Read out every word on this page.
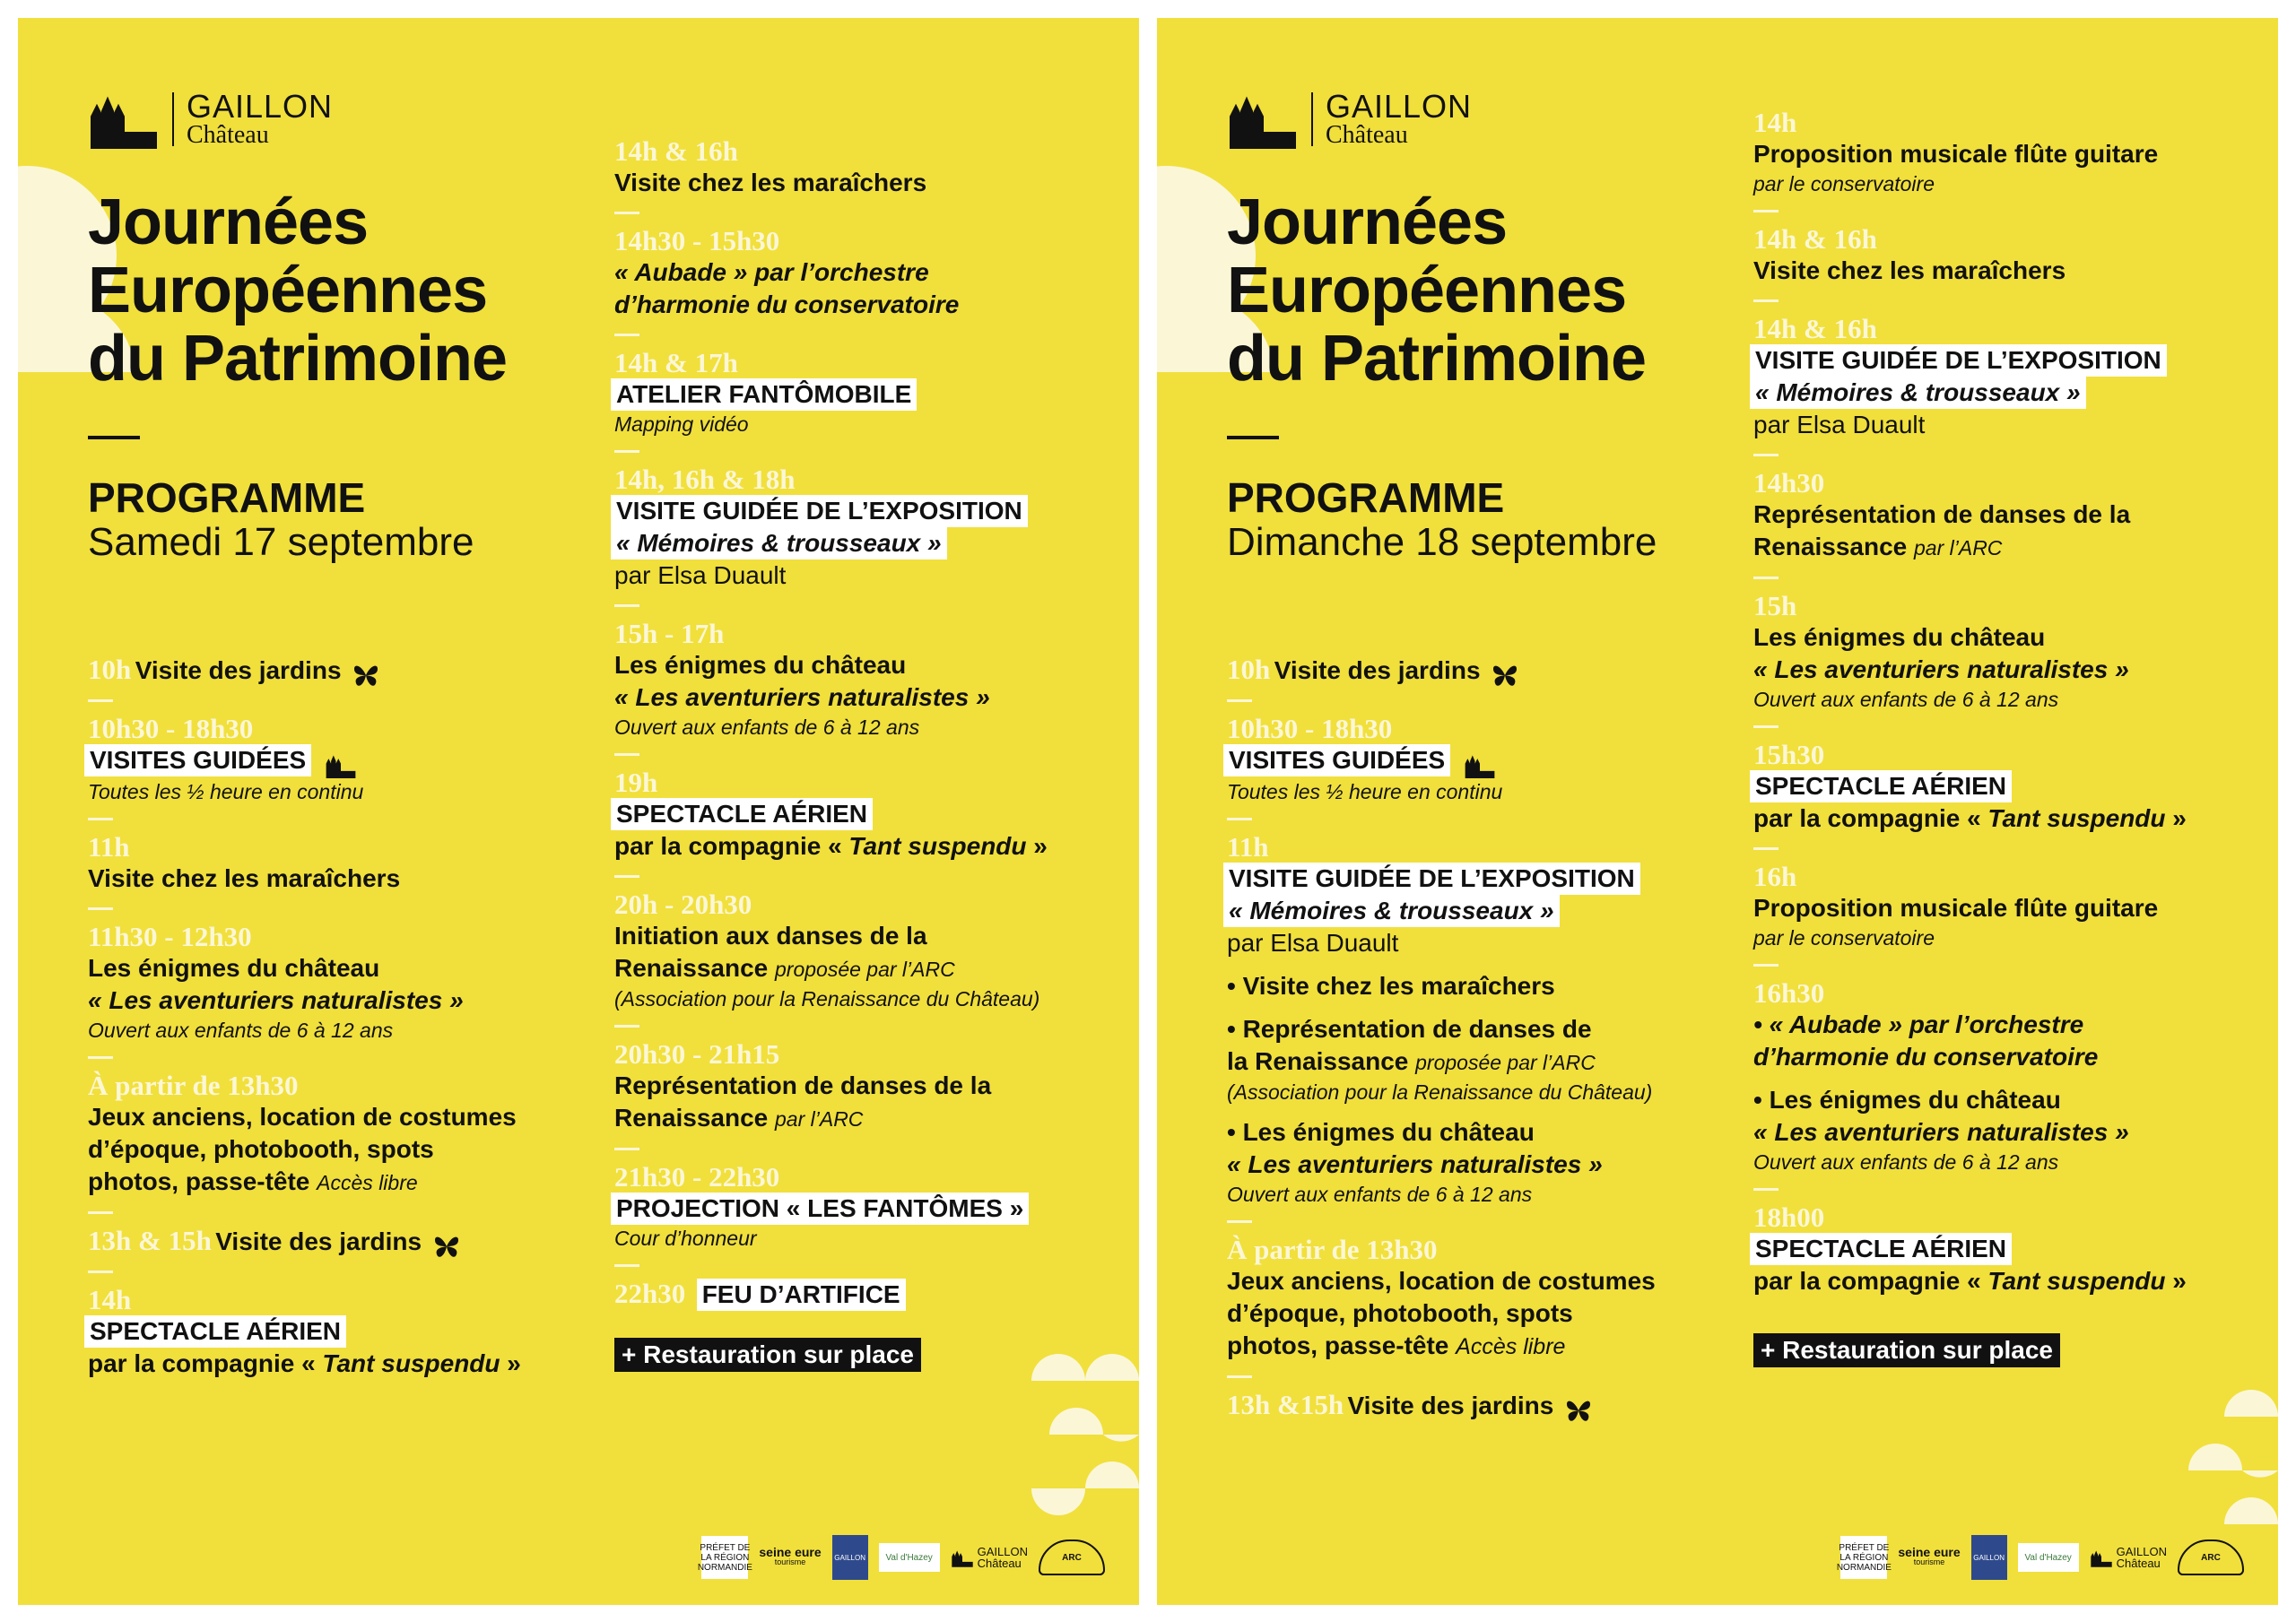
GAILLON
Château
Journées
Européennes
du Patrimoine
PROGRAMME
Samedi 17 septembre
10h Visite des jardins
10h30 - 18h30
VISITES GUIDÉES
Toutes les ½ heure en continu
11h
Visite chez les maraîchers
11h30 - 12h30
Les énigmes du château
« Les aventuriers naturalistes »
Ouvert aux enfants de 6 à 12 ans
À partir de 13h30
Jeux anciens, location de costumes
d’époque, photobooth, spots
photos, passe-tête Accès libre
13h & 15h Visite des jardins
14h
SPECTACLE AÉRIEN
par la compagnie « Tant suspendu »
14h & 16h
Visite chez les maraîchers
14h30 - 15h30
« Aubade » par l’orchestre
d’harmonie du conservatoire
14h & 17h
ATELIER FANTÔMOBILE
Mapping vidéo
14h, 16h & 18h
VISITE GUIDÉE DE L’EXPOSITION
« Mémoires & trousseaux »
par Elsa Duault
15h - 17h
Les énigmes du château
« Les aventuriers naturalistes »
Ouvert aux enfants de 6 à 12 ans
19h
SPECTACLE AÉRIEN
par la compagnie « Tant suspendu »
20h - 20h30
Initiation aux danses de la
Renaissance proposée par l’ARC
(Association pour la Renaissance du Château)
20h30 - 21h15
Représentation de danses de la
Renaissance par l’ARC
21h30 - 22h30
PROJECTION « LES FANTÔMES »
Cour d’honneur
22h30 FEU D’ARTIFICE
+ Restauration sur place
PRÉFET DE LA RÉGION NORMANDIE
seine eure
tourisme	GAILLON	Val d'Hazey	GAILLON
Château	ARC
GAILLON
Château
Journées
Européennes
du Patrimoine
PROGRAMME
Dimanche 18 septembre
10h Visite des jardins
10h30 - 18h30
VISITES GUIDÉES
Toutes les ½ heure en continu
11h
VISITE GUIDÉE DE L’EXPOSITION
« Mémoires & trousseaux »
par Elsa Duault
• Visite chez les maraîchers
• Représentation de danses de
la Renaissance proposée par l’ARC
(Association pour la Renaissance du Château)
• Les énigmes du château
« Les aventuriers naturalistes »
Ouvert aux enfants de 6 à 12 ans
À partir de 13h30
Jeux anciens, location de costumes
d’époque, photobooth, spots
photos, passe-tête Accès libre
13h &15h Visite des jardins
14h
Proposition musicale flûte guitare
par le conservatoire
14h & 16h
Visite chez les maraîchers
14h & 16h
VISITE GUIDÉE DE L’EXPOSITION
« Mémoires & trousseaux »
par Elsa Duault
14h30
Représentation de danses de la
Renaissance par l’ARC
15h
Les énigmes du château
« Les aventuriers naturalistes »
Ouvert aux enfants de 6 à 12 ans
15h30
SPECTACLE AÉRIEN
par la compagnie « Tant suspendu »
16h
Proposition musicale flûte guitare
par le conservatoire
16h30
• « Aubade » par l’orchestre
d’harmonie du conservatoire
• Les énigmes du château
« Les aventuriers naturalistes »
Ouvert aux enfants de 6 à 12 ans
18h00
SPECTACLE AÉRIEN
par la compagnie « Tant suspendu »
+ Restauration sur place
PRÉFET DE LA RÉGION NORMANDIE
seine eure
tourisme	GAILLON	Val d'Hazey	GAILLON
Château	ARC
